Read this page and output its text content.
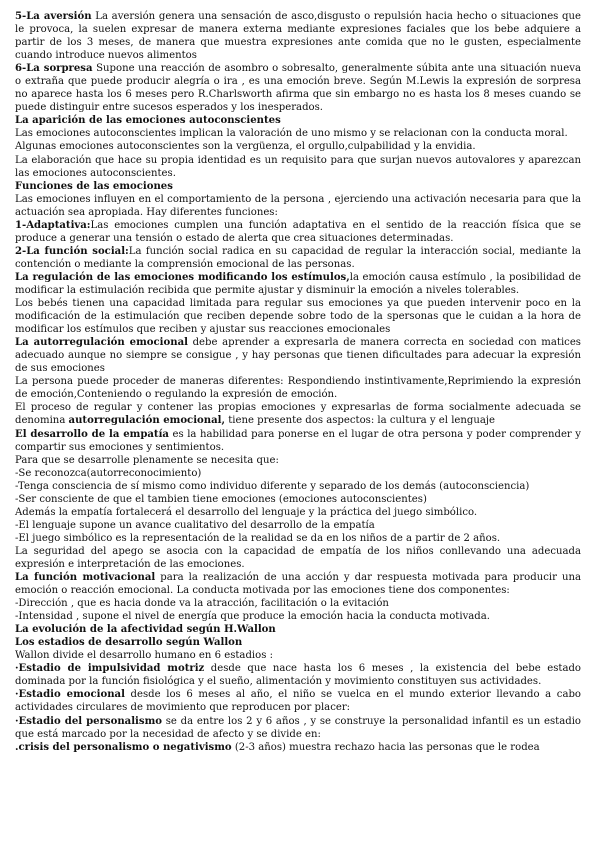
5-La aversión La aversión genera una sensación de asco,disgusto o repulsión hacia hecho o situaciones que le provoca, la suelen expresar de manera externa mediante expresiones faciales que los bebe adquiere a partir de los 3 meses, de manera que muestra expresiones ante comida que no le gusten, especialmente cuando introduce nuevos alimentos

6-La sorpresa Supone una reacción de asombro o sobresalto, generalmente súbita ante una situación nueva o extraña que puede producir alegría o ira , es una emoción breve. Según M.Lewis la expresión de sorpresa no aparece hasta los 6 meses pero R.Charlsworth afirma que sin embargo no es hasta los 8 meses cuando se puede distinguir entre sucesos esperados y los inesperados.

La aparición de las emociones autoconscientes

Las emociones autoconscientes implican la valoración de uno mismo y se relacionan con la conducta moral.

Algunas emociones autoconscientes son la vergüenza, el orgullo,culpabilidad y la envidia.

La elaboración que hace su propia identidad es un requisito para que surjan nuevos autovalores y aparezcan las emociones autoconscientes.

Funciones de las emociones

Las emociones influyen en el comportamiento de la persona , ejerciendo una activación necesaria para que la actuación sea apropiada. Hay diferentes funciones:

1-Adaptativa:Las emociones cumplen una función adaptativa en el sentido de la reacción física que se produce a generar una tensión o estado de alerta que crea situaciones determinadas.

2-La función social:La función social radica en su capacidad de regular la interacción social, mediante la contención o mediante la comprensión emocional de las personas.

La regulación de las emociones modificando los estímulos,la emoción causa estímulo , la posibilidad de modificar la estimulación recibida que permite ajustar y disminuir la emoción a niveles tolerables.

Los bebés tienen una capacidad limitada para regular sus emociones ya que pueden intervenir poco en la modificación de la estimulación que reciben depende sobre todo de la spersonas que le cuidan a la hora de modificar los estímulos que reciben y ajustar sus reacciones emocionales

La autorregulación emocional debe aprender a expresarla de manera correcta en sociedad con matices adecuado aunque no siempre se consigue , y hay personas que tienen dificultades para adecuar la expresión de sus emociones

La persona puede proceder de maneras diferentes: Respondiendo instintivamente,Reprimiendo la expresión de emoción,Conteniendo o regulando la expresión de emoción.

El proceso de regular y contener las propias emociones y expresarlas de forma socialmente adecuada se denomina autorregulación emocional, tiene presente dos aspectos: la cultura y el lenguaje

El desarrollo de la empatía es la habilidad para ponerse en el lugar de otra persona y poder comprender y compartir sus emociones y sentimientos.

Para que se desarrolle plenamente se necesita que:

-Se reconozca(autorreconocimiento)

-Tenga consciencia de sí mismo como individuo diferente y separado de los demás (autoconsciencia)

-Ser consciente de que el tambien tiene emociones (emociones autoconscientes)

Además la empatía fortalecerá el desarrollo del lenguaje y la práctica del juego simbólico.

-El lenguaje supone un avance cualitativo del desarrollo de la empatía

-El juego simbólico es la representación de la realidad se da en los niños de a partir de 2 años.

La seguridad del apego se asocia con la capacidad de empatía de los niños conllevando una adecuada expresión e interpretación de las emociones.

La función motivacional para la realización de una acción y dar respuesta motivada para producir una emoción o reacción emocional. La conducta motivada por las emociones tiene dos componentes:

-Dirección , que es hacia donde va la atracción, facilitación o la evitación

-Intensidad , supone el nivel de energía que produce la emoción hacia la conducta motivada.

La evolución de la afectividad según H.Wallon

Los estadios de desarrollo según Wallon

Wallon divide el desarrollo humano en 6 estadios :

·Estadio de impulsividad motriz desde que nace hasta los 6 meses , la existencia del bebe estado dominada por la función fisiológica y el sueño, alimentación y movimiento constituyen sus actividades.

·Estadio emocional desde los 6 meses al año, el niño se vuelca en el mundo exterior llevando a cabo actividades circulares de movimiento que reproducen por placer:

·Estadio del personalismo se da entre los 2 y 6 años , y se construye la personalidad infantil es un estadio que está marcado por la necesidad de afecto y se divide en:

.crisis del personalismo o negativismo (2-3 años) muestra rechazo hacia las personas que le rodea
